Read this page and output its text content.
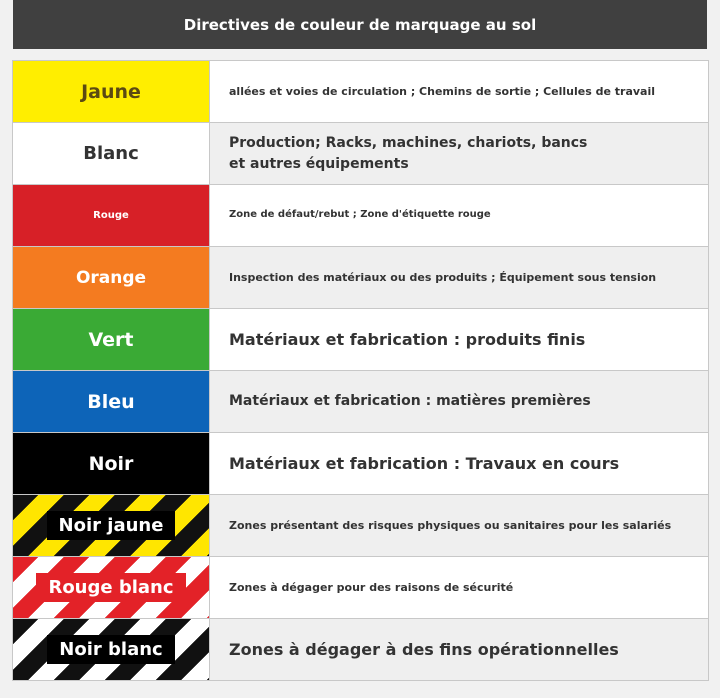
Directives de couleur de marquage au sol
Jaune	allées et voies de circulation ; Chemins de sortie ; Cellules de travail
Blanc	Production; Racks, machines, chariots, bancs et autres équipements
Rouge	Zone de défaut/rebut ; Zone d'étiquette rouge
Orange	Inspection des matériaux ou des produits ; Équipement sous tension
Vert	Matériaux et fabrication : produits finis
Bleu	Matériaux et fabrication : matières premières
Noir	Matériaux et fabrication : Travaux en cours
Noir jaune	Zones présentant des risques physiques ou sanitaires pour les salariés
Rouge blanc	Zones à dégager pour des raisons de sécurité
Noir blanc	Zones à dégager à des fins opérationnelles
